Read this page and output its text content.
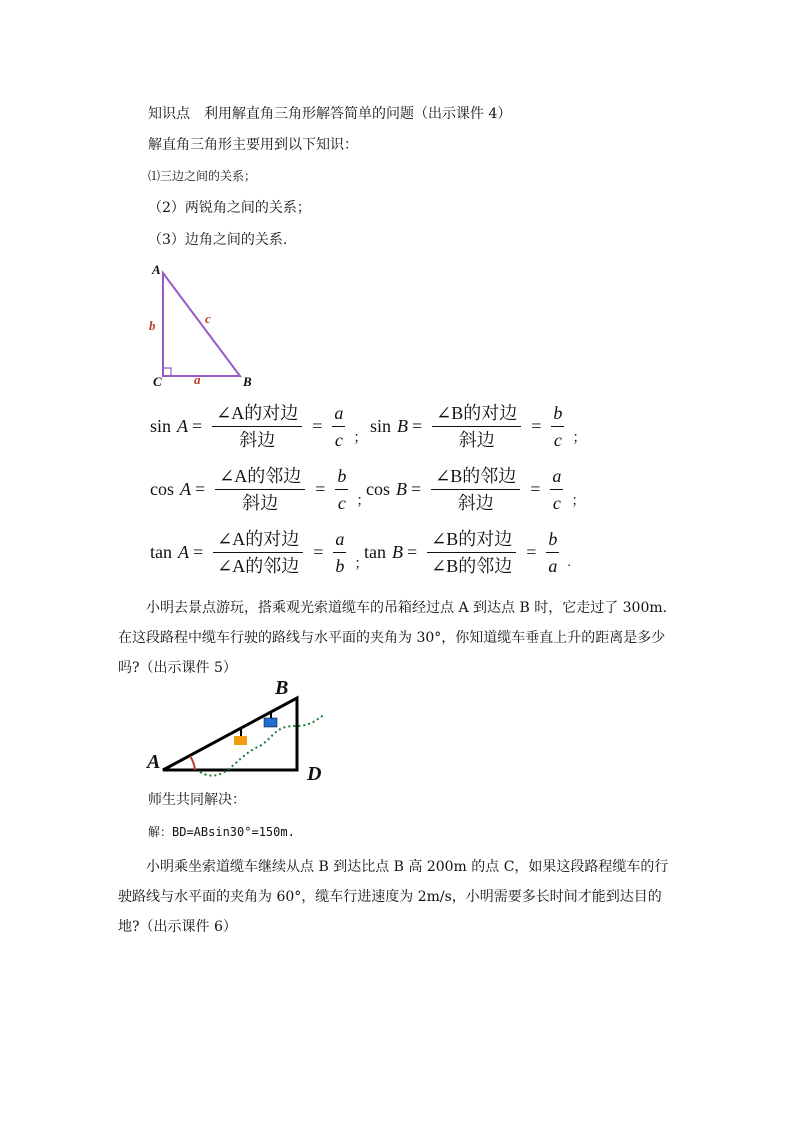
知识点　利用解直角三角形解答简单的问题（出示课件 4）
解直角三角形主要用到以下知识：
⑴三边之间的关系；
（2）两锐角之间的关系；
（3）边角之间的关系.
A
C	B
b	c
a
$\sin A = \frac{\text{∠A的对边}}{\text{斜边}} = \frac{a}{c}$ ；
$\sin B = \frac{\text{∠B的对边}}{\text{斜边}} = \frac{b}{c}$ ；
$\cos A = \frac{\text{∠A的邻边}}{\text{斜边}} = \frac{b}{c}$ ；
$\cos B = \frac{\text{∠B的邻边}}{\text{斜边}} = \frac{a}{c}$ ；
$\tan A = \frac{\text{∠A的对边}}{\text{∠A的邻边}} = \frac{a}{b}$ ；
$\tan B = \frac{\text{∠B的对边}}{\text{∠B的邻边}} = \frac{b}{a}$ .
小明去景点游玩，搭乘观光索道缆车的吊箱经过点 A 到达点 B 时，它走过了 300m.在这段路程中缆车行驶的路线与水平面的夹角为 30°，你知道缆车垂直上升的距离是多少吗?（出示课件 5）
A
B
D
师生共同解决：
解：BD=ABsin30°=150m.
小明乘坐索道缆车继续从点 B 到达比点 B 高 200m 的点 C，如果这段路程缆车的行驶路线与水平面的夹角为 60°，缆车行进速度为 2m/s，小明需要多长时间才能到达目的地?（出示课件 6）
